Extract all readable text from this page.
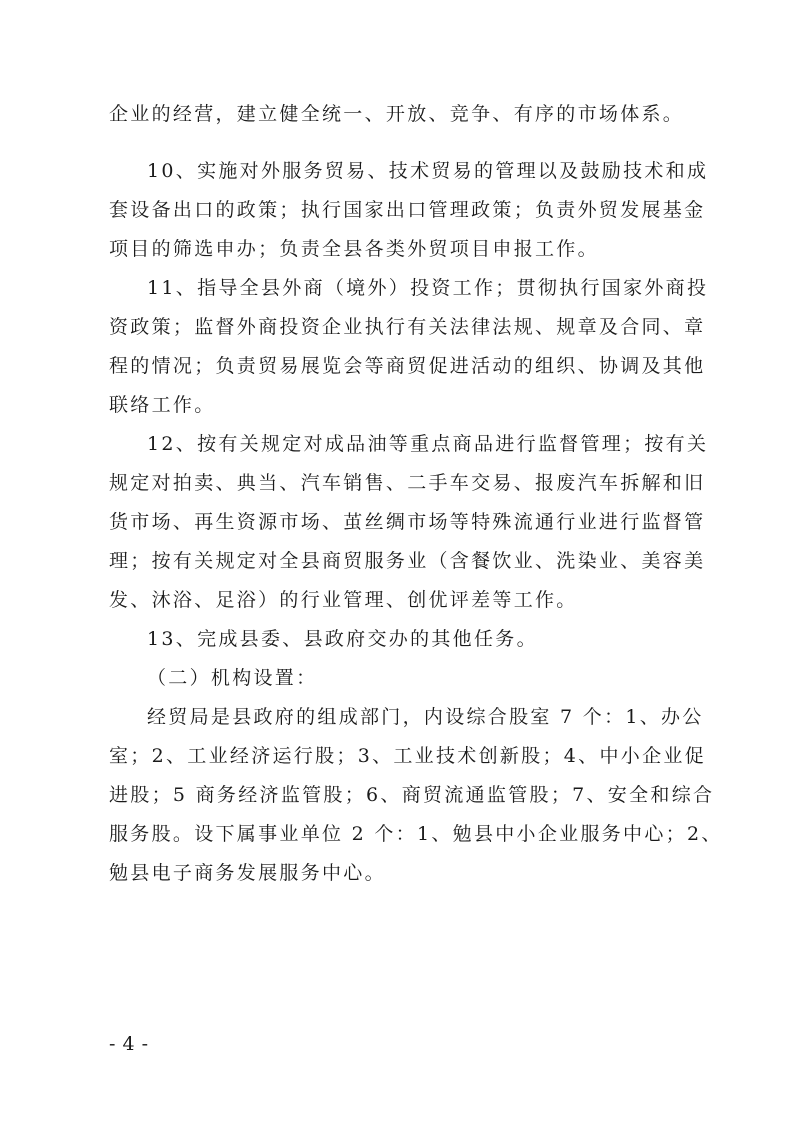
企业的经营，建立健全统一、开放、竞争、有序的市场体系。
10、实施对外服务贸易、技术贸易的管理以及鼓励技术和成
套设备出口的政策；执行国家出口管理政策；负责外贸发展基金
项目的筛选申办；负责全县各类外贸项目申报工作。
11、指导全县外商（境外）投资工作；贯彻执行国家外商投
资政策；监督外商投资企业执行有关法律法规、规章及合同、章
程的情况；负责贸易展览会等商贸促进活动的组织、协调及其他
联络工作。
12、按有关规定对成品油等重点商品进行监督管理；按有关
规定对拍卖、典当、汽车销售、二手车交易、报废汽车拆解和旧
货市场、再生资源市场、茧丝绸市场等特殊流通行业进行监督管
理；按有关规定对全县商贸服务业（含餐饮业、洗染业、美容美
发、沐浴、足浴）的行业管理、创优评差等工作。
13、完成县委、县政府交办的其他任务。
（二）机构设置：
经贸局是县政府的组成部门，内设综合股室 7 个：1、办公
室；2、工业经济运行股；3、工业技术创新股；4、中小企业促
进股；5 商务经济监管股；6、商贸流通监管股；7、安全和综合
服务股。设下属事业单位 2 个：1、勉县中小企业服务中心；2、
勉县电子商务发展服务中心。
- 4 -
